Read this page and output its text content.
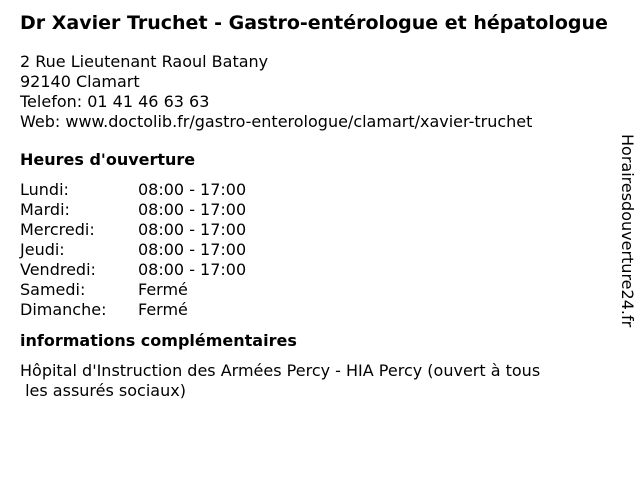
Dr Xavier Truchet - Gastro-entérologue et hépatologue
2 Rue Lieutenant Raoul Batany
92140 Clamart
Telefon: 01 41 46 63 63
Web: www.doctolib.fr/gastro-enterologue/clamart/xavier-truchet
Heures d'ouverture
Lundi:	08:00 - 17:00
Mardi:	08:00 - 17:00
Mercredi:	08:00 - 17:00
Jeudi:	08:00 - 17:00
Vendredi:	08:00 - 17:00
Samedi:	Fermé
Dimanche:	Fermé
informations complémentaires
Hôpital d'Instruction des Armées Percy - HIA Percy (ouvert à tous
les assurés sociaux)
Horairesdouverture24.fr
